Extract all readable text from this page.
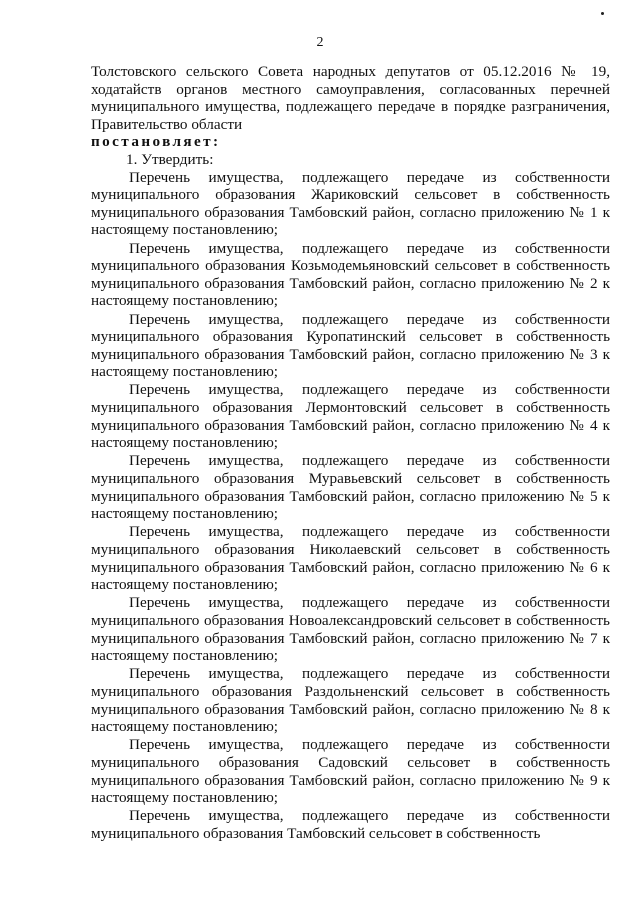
2

Толстовского сельского Совета народных депутатов от 05.12.2016 № 19, ходатайств органов местного самоуправления, согласованных перечней муниципального имущества, подлежащего передаче в порядке разграничения, Правительство области

постановляет:

1. Утвердить:

Перечень имущества, подлежащего передаче из собственности муниципального образования Жариковский сельсовет в собственность муниципального образования Тамбовский район, согласно приложению № 1 к настоящему постановлению;

Перечень имущества, подлежащего передаче из собственности муниципального образования Козьмодемьяновский сельсовет в собственность муниципального образования Тамбовский район, согласно приложению № 2 к настоящему постановлению;

Перечень имущества, подлежащего передаче из собственности муниципального образования Куропатинский сельсовет в собственность муниципального образования Тамбовский район, согласно приложению № 3 к настоящему постановлению;

Перечень имущества, подлежащего передаче из собственности муниципального образования Лермонтовский сельсовет в собственность муниципального образования Тамбовский район, согласно приложению № 4 к настоящему постановлению;

Перечень имущества, подлежащего передаче из собственности муниципального образования Муравьевский сельсовет в собственность муниципального образования Тамбовский район, согласно приложению № 5 к настоящему постановлению;

Перечень имущества, подлежащего передаче из собственности муниципального образования Николаевский сельсовет в собственность муниципального образования Тамбовский район, согласно приложению № 6 к настоящему постановлению;

Перечень имущества, подлежащего передаче из собственности муниципального образования Новоалександровский сельсовет в собственность муниципального образования Тамбовский район, согласно приложению № 7 к настоящему постановлению;

Перечень имущества, подлежащего передаче из собственности муниципального образования Раздольненский сельсовет в собственность муниципального образования Тамбовский район, согласно приложению № 8 к настоящему постановлению;

Перечень имущества, подлежащего передаче из собственности муниципального образования Садовский сельсовет в собственность муниципального образования Тамбовский район, согласно приложению № 9 к настоящему постановлению;

Перечень имущества, подлежащего передаче из собственности муниципального образования Тамбовский сельсовет в собственность
